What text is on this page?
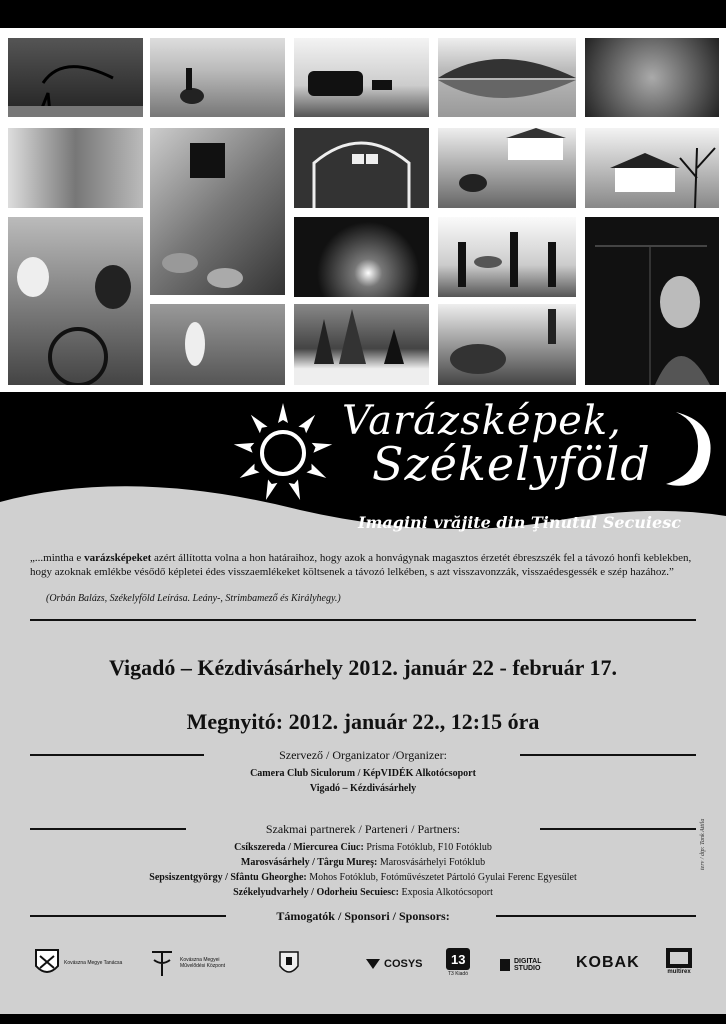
Varázsképek,
Székelyföld
Imagini vrăjite din Ţinutul Secuiesc
„...mintha e varázsképeket azért állította volna a hon határaihoz, hogy azok a honvágynak magasztos érzetét ébreszszék fel a távozó honfi keblekben, hogy azoknak emlékbe vésődő képletei édes visszaemlékeket költsenek a távozó lelkében, s azt visszavonzzák, visszaédesgessék e szép hazához.”
(Orbán Balázs, Székelyföld Leírása. Leány-, Strimbamező és Királyhegy.)
Vigadó – Kézdivásárhely 2012. január 22 - február 17.
Megnyitó: 2012. január 22., 12:15 óra
Szervező / Organizator /Organizer:
Camera Club Siculorum / KépVIDÉK Alkotócsoport
Vigadó – Kézdivásárhely
Szakmai partnerek / Parteneri / Partners:
Csíkszereda / Miercurea Ciuc: Prisma Fotóklub, F10 Fotóklub
Marosvásárhely / Târgu Mureş: Marosvásárhelyi Fotóklub
Sepsiszentgyörgy / Sfântu Gheorghe: Mohos Fotóklub, Fotóművészetet Pártoló Gyulai Ferenc Egyesület
Székelyudvarhely / Odorheiu Secuiesc: Exposia Alkotócsoport
terv / dtp: Tank Attila
Támogatók / Sponsori / Sponsors:
Kovászna Megye Tanácsa	Kovászna Megyei Művelődési Központ	COSYS 13
T3 Kiadó
DIGITAL STUDIO	KOBAK
multirex
